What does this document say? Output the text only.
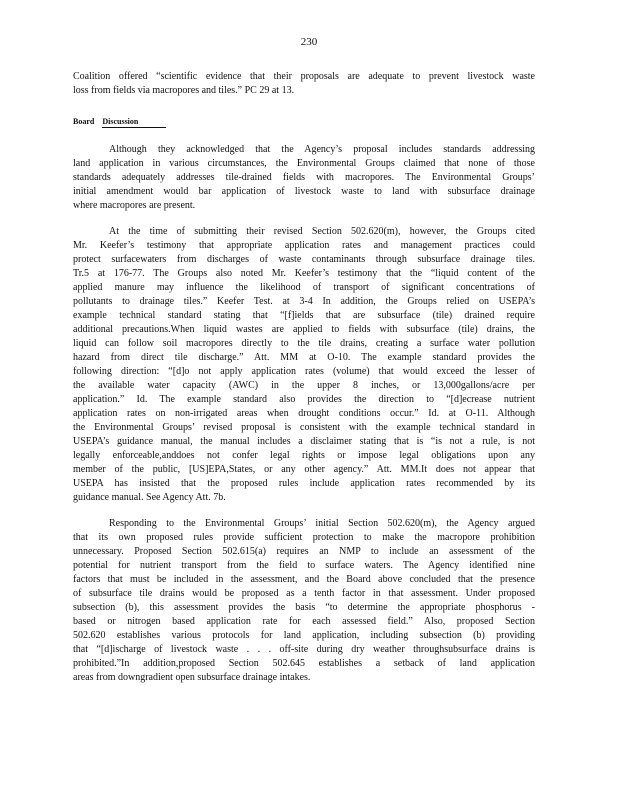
230
Coalition offered “scientific evidence that their proposals are adequate to prevent livestock waste
loss from fields via macropores and tiles.” PC 29 at 13.
Board Discussion
Although they acknowledged that the Agency’s proposal includes standards addressing
land application in various circumstances, the Environmental Groups claimed that none of those
standards adequately addresses tile-drained fields with macropores. The Environmental Groups’
initial amendment would bar application of livestock waste to land with subsurface drainage
where macropores are present.
At the time of submitting their revised Section 502.620(m), however, the Groups cited
Mr. Keefer’s testimony that appropriate application rates and management practices could
protect surfacewaters from discharges of waste contaminants through subsurface drainage tiles.
Tr.5 at 176-77. The Groups also noted Mr. Keefer’s testimony that the “liquid content of the
applied manure may influence the likelihood of transport of significant concentrations of
pollutants to drainage tiles.” Keefer Test. at 3-4 In addition, the Groups relied on USEPA’s
example technical standard stating that “[f]ields that are subsurface (tile) drained require
additional precautions.When liquid wastes are applied to fields with subsurface (tile) drains, the
liquid can follow soil macropores directly to the tile drains, creating a surface water pollution
hazard from direct tile discharge.” Att. MM at O-10. The example standard provides the
following direction: “[d]o not apply application rates (volume) that would exceed the lesser of
the available water capacity (AWC) in the upper 8 inches, or 13,000gallons/acre per
application.” Id. The example standard also provides the direction to “[d]ecrease nutrient
application rates on non-irrigated areas when drought conditions occur.” Id. at O-11. Although
the Environmental Groups’ revised proposal is consistent with the example technical standard in
USEPA’s guidance manual, the manual includes a disclaimer stating that is “is not a rule, is not
legally enforceable,anddoes not confer legal rights or impose legal obligations upon any
member of the public, [US]EPA,States, or any other agency.” Att. MM.It does not appear that
USEPA has insisted that the proposed rules include application rates recommended by its
guidance manual. See Agency Att. 7b.
Responding to the Environmental Groups’ initial Section 502.620(m), the Agency argued
that its own proposed rules provide sufficient protection to make the macropore prohibition
unnecessary. Proposed Section 502.615(a) requires an NMP to include an assessment of the
potential for nutrient transport from the field to surface waters. The Agency identified nine
factors that must be included in the assessment, and the Board above concluded that the presence
of subsurface tile drains would be proposed as a tenth factor in that assessment. Under proposed
subsection (b), this assessment provides the basis “to determine the appropriate phosphorus -
based or nitrogen based application rate for each assessed field.” Also, proposed Section
502.620 establishes various protocols for land application, including subsection (b) providing
that “[d]ischarge of livestock waste . . . off-site during dry weather throughsubsurface drains is
prohibited.”In addition,proposed Section 502.645 establishes a setback of land application
areas from downgradient open subsurface drainage intakes.
